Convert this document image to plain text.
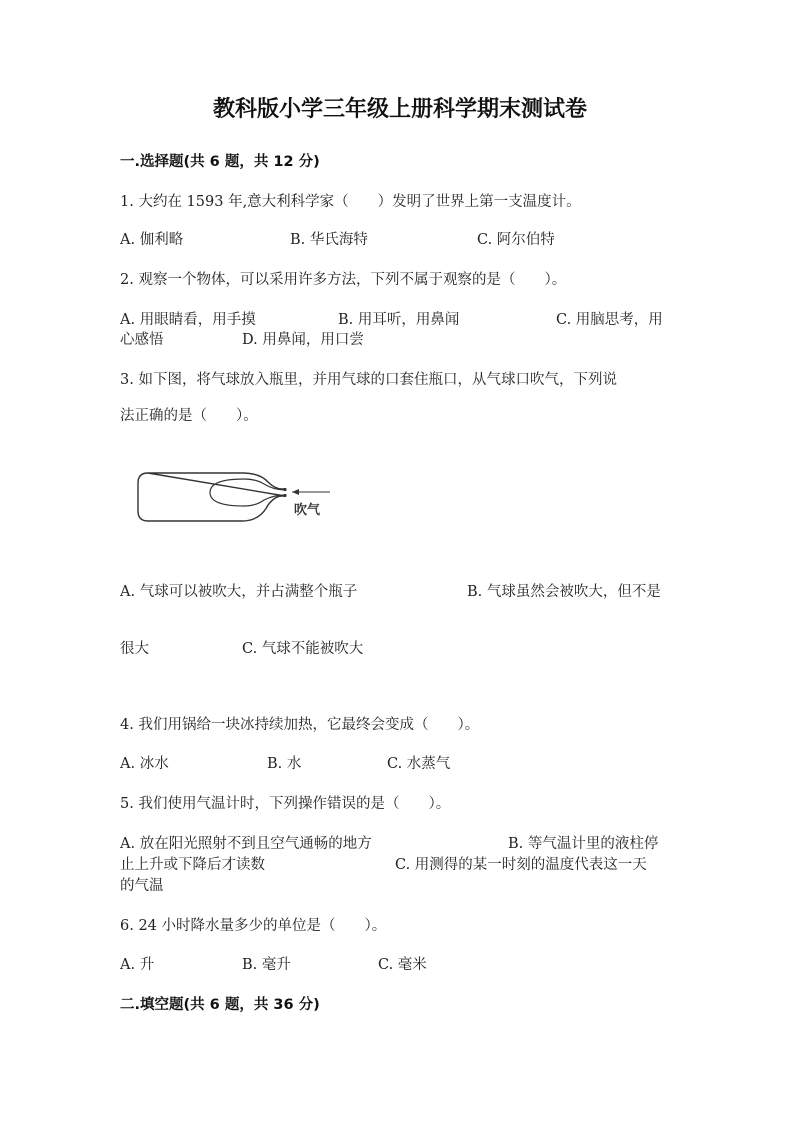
教科版小学三年级上册科学期末测试卷
一.选择题(共 6 题，共 12 分)
1. 大约在 1593 年,意大利科学家（　　）发明了世界上第一支温度计。
A. 伽利略	B. 华氏海特	C. 阿尔伯特
2. 观察一个物体，可以采用许多方法，下列不属于观察的是（　　）。
A. 用眼睛看，用手摸	B. 用耳听，用鼻闻	C. 用脑思考，用
心感悟	D. 用鼻闻，用口尝
3. 如下图，将气球放入瓶里，并用气球的口套住瓶口，从气球口吹气，下列说
法正确的是（　　）。
吹气
A. 气球可以被吹大，并占满整个瓶子	B. 气球虽然会被吹大，但不是
很大	C. 气球不能被吹大
4. 我们用锅给一块冰持续加热，它最终会变成（　　）。
A. 冰水	B. 水	C. 水蒸气
5. 我们使用气温计时，下列操作错误的是（　　）。
A. 放在阳光照射不到且空气通畅的地方	B. 等气温计里的液柱停
止上升或下降后才读数	C. 用测得的某一时刻的温度代表这一天
的气温
6. 24 小时降水量多少的单位是（　　）。
A. 升	B. 毫升	C. 毫米
二.填空题(共 6 题，共 36 分)
